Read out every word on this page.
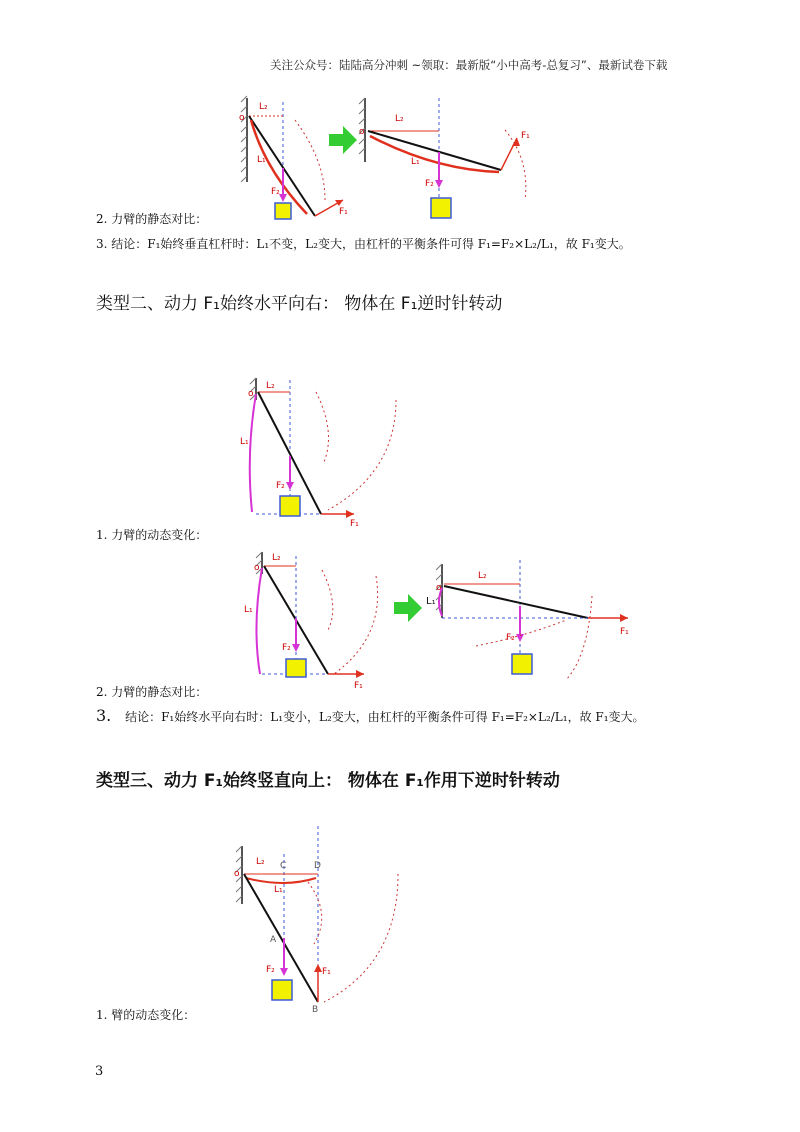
关注公众号：陆陆高分冲刺 ~领取：最新版“小中高考-总复习”、最新试卷下载
o
L₂
L₁
F₂
F₁
o
L₂
L₁
F₁
F₂
2. 力臂的静态对比：
3. 结论：F₁始终垂直杠杆时：L₁不变，L₂变大，由杠杆的平衡条件可得 F₁=F₂×L₂/L₁，故 F₁变大。
类型二、动力 F₁始终水平向右： 物体在 F₁逆时针转动
o
L₂
L₁
F₁
F₂
1. 力臂的动态变化：
o
L₂
L₁
F₁
F₂
o
L₁
L₂
F₁
F₂
2. 力臂的静态对比：
3. 结论：F₁始终水平向右时：L₁变小，L₂变大，由杠杆的平衡条件可得 F₁=F₂×L₂/L₁，故 F₁变大。
类型三、动力 F₁始终竖直向上： 物体在 F₁作用下逆时针转动
o
L₂ C	D
L₁
A
B
F₂	F₁
1. 臂的动态变化：
3
